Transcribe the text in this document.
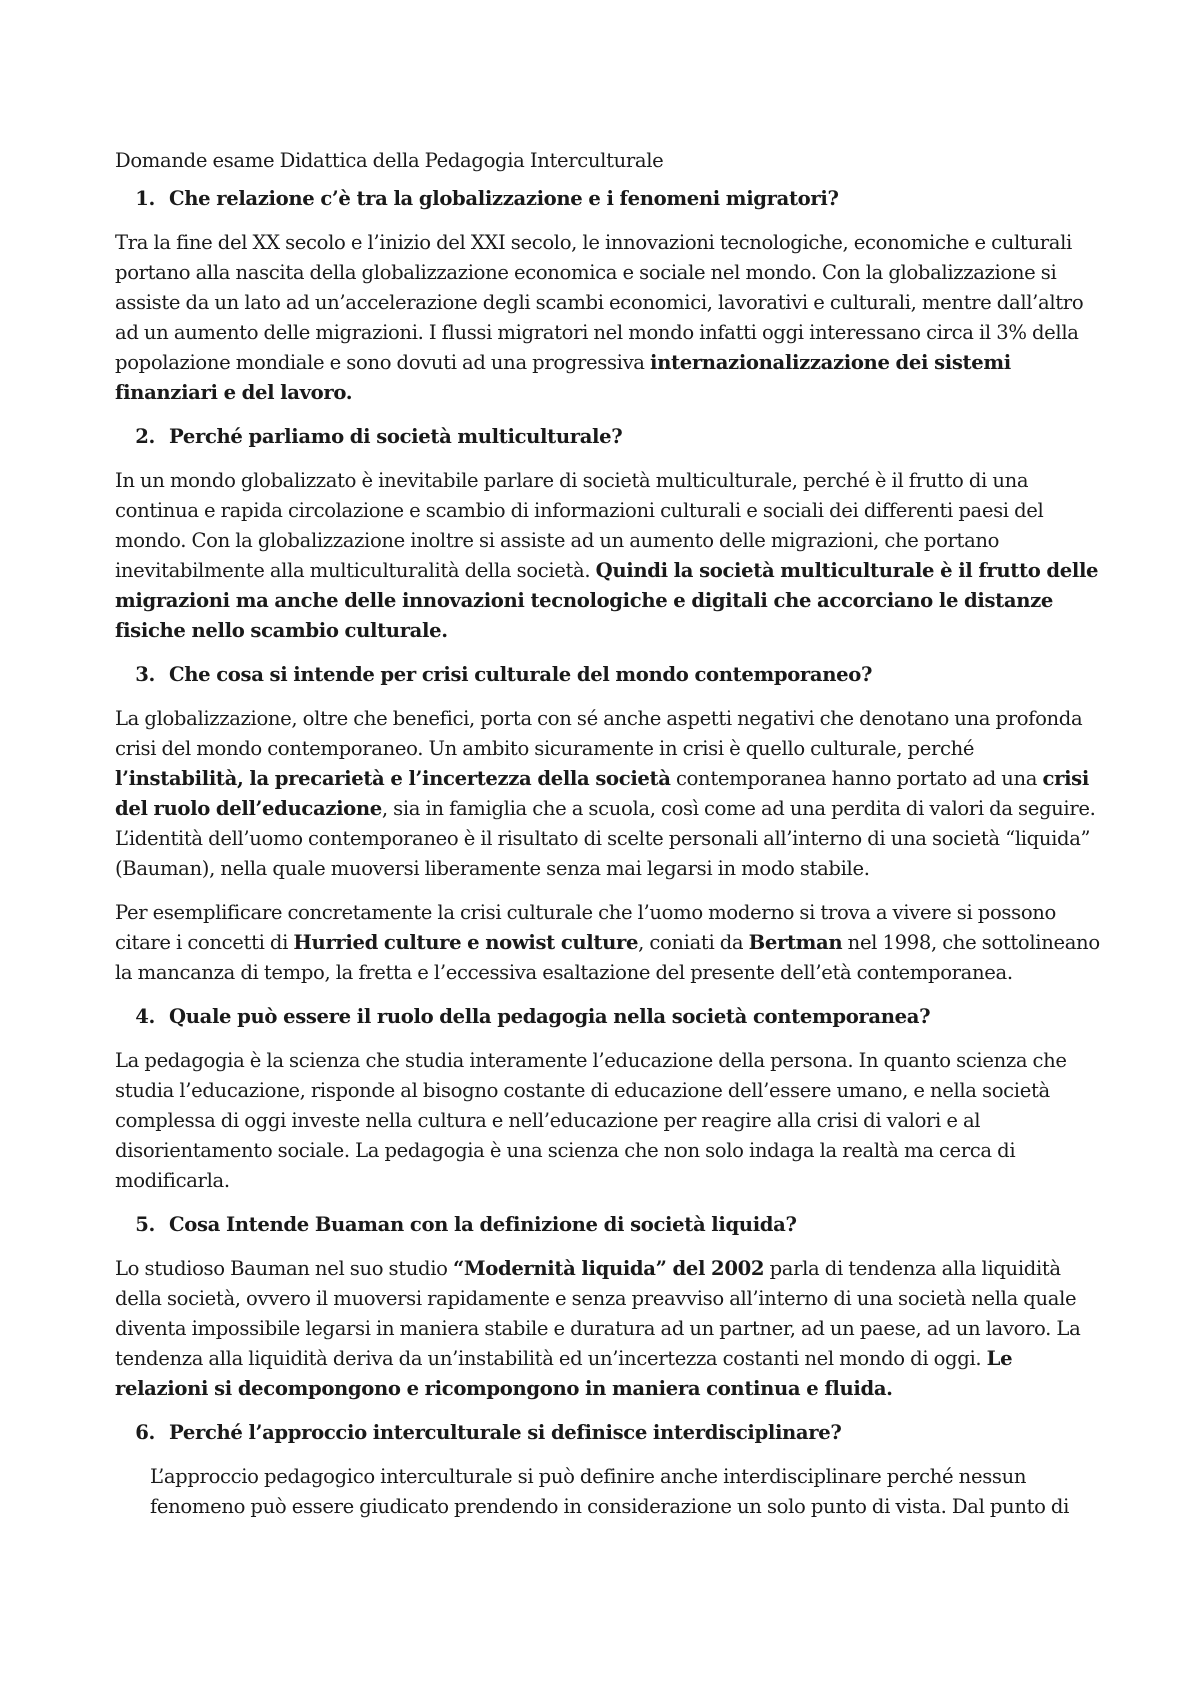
Domande esame Didattica della Pedagogia Interculturale

1. Che relazione c’è tra la globalizzazione e i fenomeni migratori?

Tra la fine del XX secolo e l’inizio del XXI secolo, le innovazioni tecnologiche, economiche e culturali portano alla nascita della globalizzazione economica e sociale nel mondo. Con la globalizzazione si assiste da un lato ad un’accelerazione degli scambi economici, lavorativi e culturali, mentre dall’altro ad un aumento delle migrazioni. I flussi migratori nel mondo infatti oggi interessano circa il 3% della popolazione mondiale e sono dovuti ad una progressiva internazionalizzazione dei sistemi finanziari e del lavoro.

2. Perché parliamo di società multiculturale?

In un mondo globalizzato è inevitabile parlare di società multiculturale, perché è il frutto di una continua e rapida circolazione e scambio di informazioni culturali e sociali dei differenti paesi del mondo. Con la globalizzazione inoltre si assiste ad un aumento delle migrazioni, che portano inevitabilmente alla multiculturalità della società. Quindi la società multiculturale è il frutto delle migrazioni ma anche delle innovazioni tecnologiche e digitali che accorciano le distanze fisiche nello scambio culturale.

3. Che cosa si intende per crisi culturale del mondo contemporaneo?

La globalizzazione, oltre che benefici, porta con sé anche aspetti negativi che denotano una profonda crisi del mondo contemporaneo. Un ambito sicuramente in crisi è quello culturale, perché l’instabilità, la precarietà e l’incertezza della società contemporanea hanno portato ad una crisi del ruolo dell’educazione, sia in famiglia che a scuola, così come ad una perdita di valori da seguire. L’identità dell’uomo contemporaneo è il risultato di scelte personali all’interno di una società “liquida” (Bauman), nella quale muoversi liberamente senza mai legarsi in modo stabile.

Per esemplificare concretamente la crisi culturale che l’uomo moderno si trova a vivere si possono citare i concetti di Hurried culture e nowist culture, coniati da Bertman nel 1998, che sottolineano la mancanza di tempo, la fretta e l’eccessiva esaltazione del presente dell’età contemporanea.

4. Quale può essere il ruolo della pedagogia nella società contemporanea?

La pedagogia è la scienza che studia interamente l’educazione della persona. In quanto scienza che studia l’educazione, risponde al bisogno costante di educazione dell’essere umano, e nella società complessa di oggi investe nella cultura e nell’educazione per reagire alla crisi di valori e al disorientamento sociale. La pedagogia è una scienza che non solo indaga la realtà ma cerca di modificarla.

5. Cosa Intende Buaman con la definizione di società liquida?

Lo studioso Bauman nel suo studio “Modernità liquida” del 2002 parla di tendenza alla liquidità della società, ovvero il muoversi rapidamente e senza preavviso all’interno di una società nella quale diventa impossibile legarsi in maniera stabile e duratura ad un partner, ad un paese, ad un lavoro. La tendenza alla liquidità deriva da un’instabilità ed un’incertezza costanti nel mondo di oggi. Le relazioni si decompongono e ricompongono in maniera continua e fluida.

6. Perché l’approccio interculturale si definisce interdisciplinare?

L’approccio pedagogico interculturale si può definire anche interdisciplinare perché nessun fenomeno può essere giudicato prendendo in considerazione un solo punto di vista. Dal punto di
